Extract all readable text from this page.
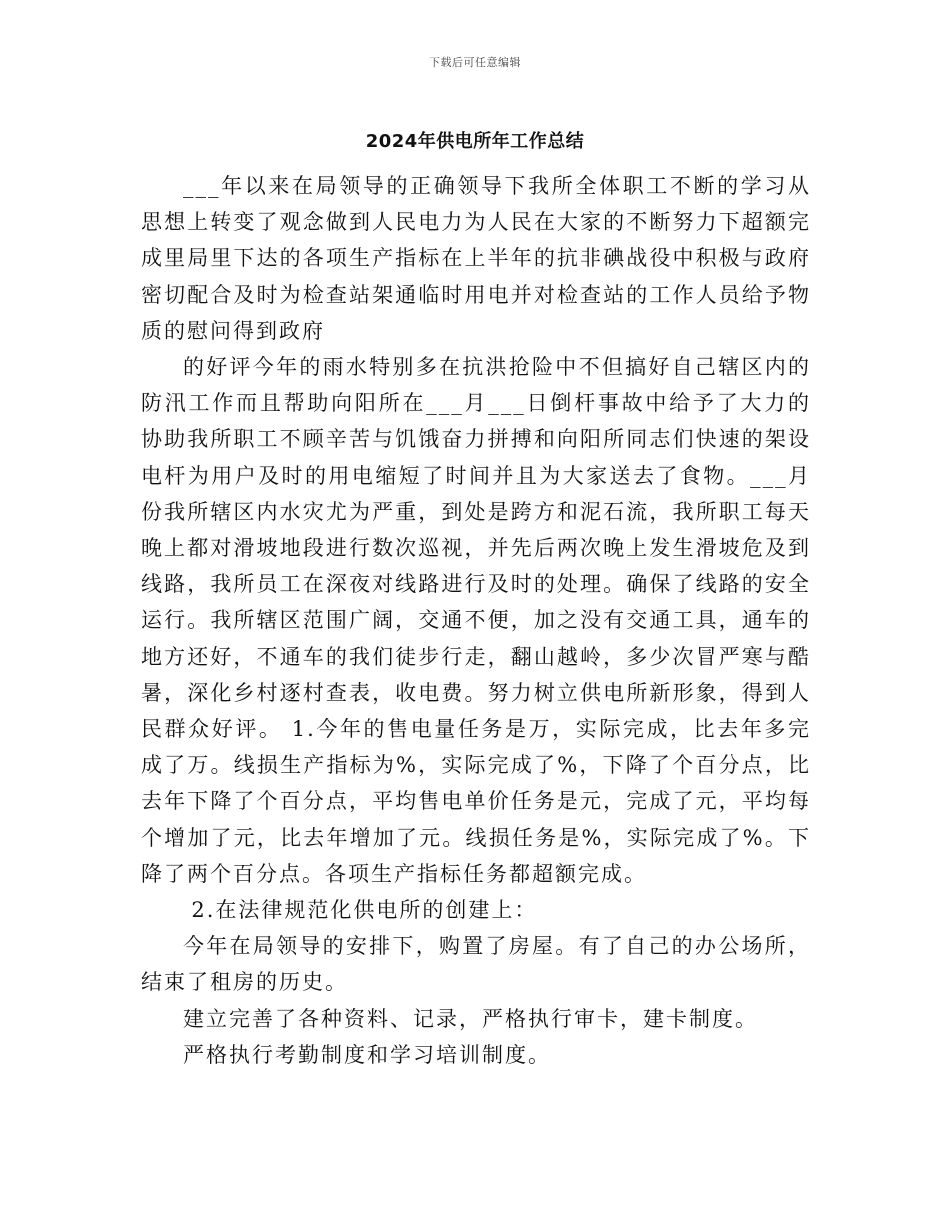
下载后可任意编辑
2024年供电所年工作总结

___年以来在局领导的正确领导下我所全体职工不断的学习从思想上转变了观念做到人民电力为人民在大家的不断努力下超额完成里局里下达的各项生产指标在上半年的抗非碘战役中积极与政府密切配合及时为检查站架通临时用电并对检查站的工作人员给予物质的慰问得到政府

的好评今年的雨水特别多在抗洪抢险中不但搞好自己辖区内的防汛工作而且帮助向阳所在___月___日倒杆事故中给予了大力的协助我所职工不顾辛苦与饥饿奋力拼搏和向阳所同志们快速的架设电杆为用户及时的用电缩短了时间并且为大家送去了食物。___月份我所辖区内水灾尤为严重，到处是跨方和泥石流，我所职工每天晚上都对滑坡地段进行数次巡视，并先后两次晚上发生滑坡危及到线路，我所员工在深夜对线路进行及时的处理。确保了线路的安全运行。我所辖区范围广阔，交通不便，加之没有交通工具，通车的地方还好，不通车的我们徒步行走，翻山越岭，多少次冒严寒与酷暑，深化乡村逐村查表，收电费。努力树立供电所新形象，得到人民群众好评。 1.今年的售电量任务是万，实际完成，比去年多完成了万。线损生产指标为%，实际完成了%，下降了个百分点，比去年下降了个百分点，平均售电单价任务是元，完成了元，平均每个增加了元，比去年增加了元。线损任务是%，实际完成了%。下降了两个百分点。各项生产指标任务都超额完成。

2.在法律规范化供电所的创建上：

今年在局领导的安排下，购置了房屋。有了自己的办公场所，结束了租房的历史。

建立完善了各种资料、记录，严格执行审卡，建卡制度。

严格执行考勤制度和学习培训制度。
